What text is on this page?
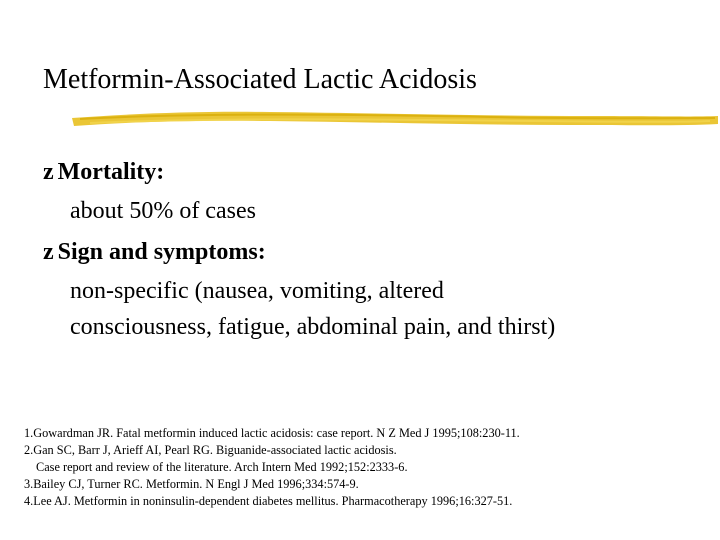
Metformin-Associated Lactic Acidosis
z Mortality:
about 50% of cases
z Sign and symptoms:
non-specific (nausea, vomiting, altered
consciousness, fatigue, abdominal pain, and thirst)
1.Gowardman JR. Fatal metformin induced lactic acidosis: case report. N Z Med J 1995;108:230-11.
2.Gan SC, Barr J, Arieff AI, Pearl RG. Biguanide-associated lactic acidosis.
Case report and review of the literature. Arch Intern Med 1992;152:2333-6.
3.Bailey CJ, Turner RC. Metformin. N Engl J Med 1996;334:574-9.
4.Lee AJ. Metformin in noninsulin-dependent diabetes mellitus. Pharmacotherapy 1996;16:327-51.
